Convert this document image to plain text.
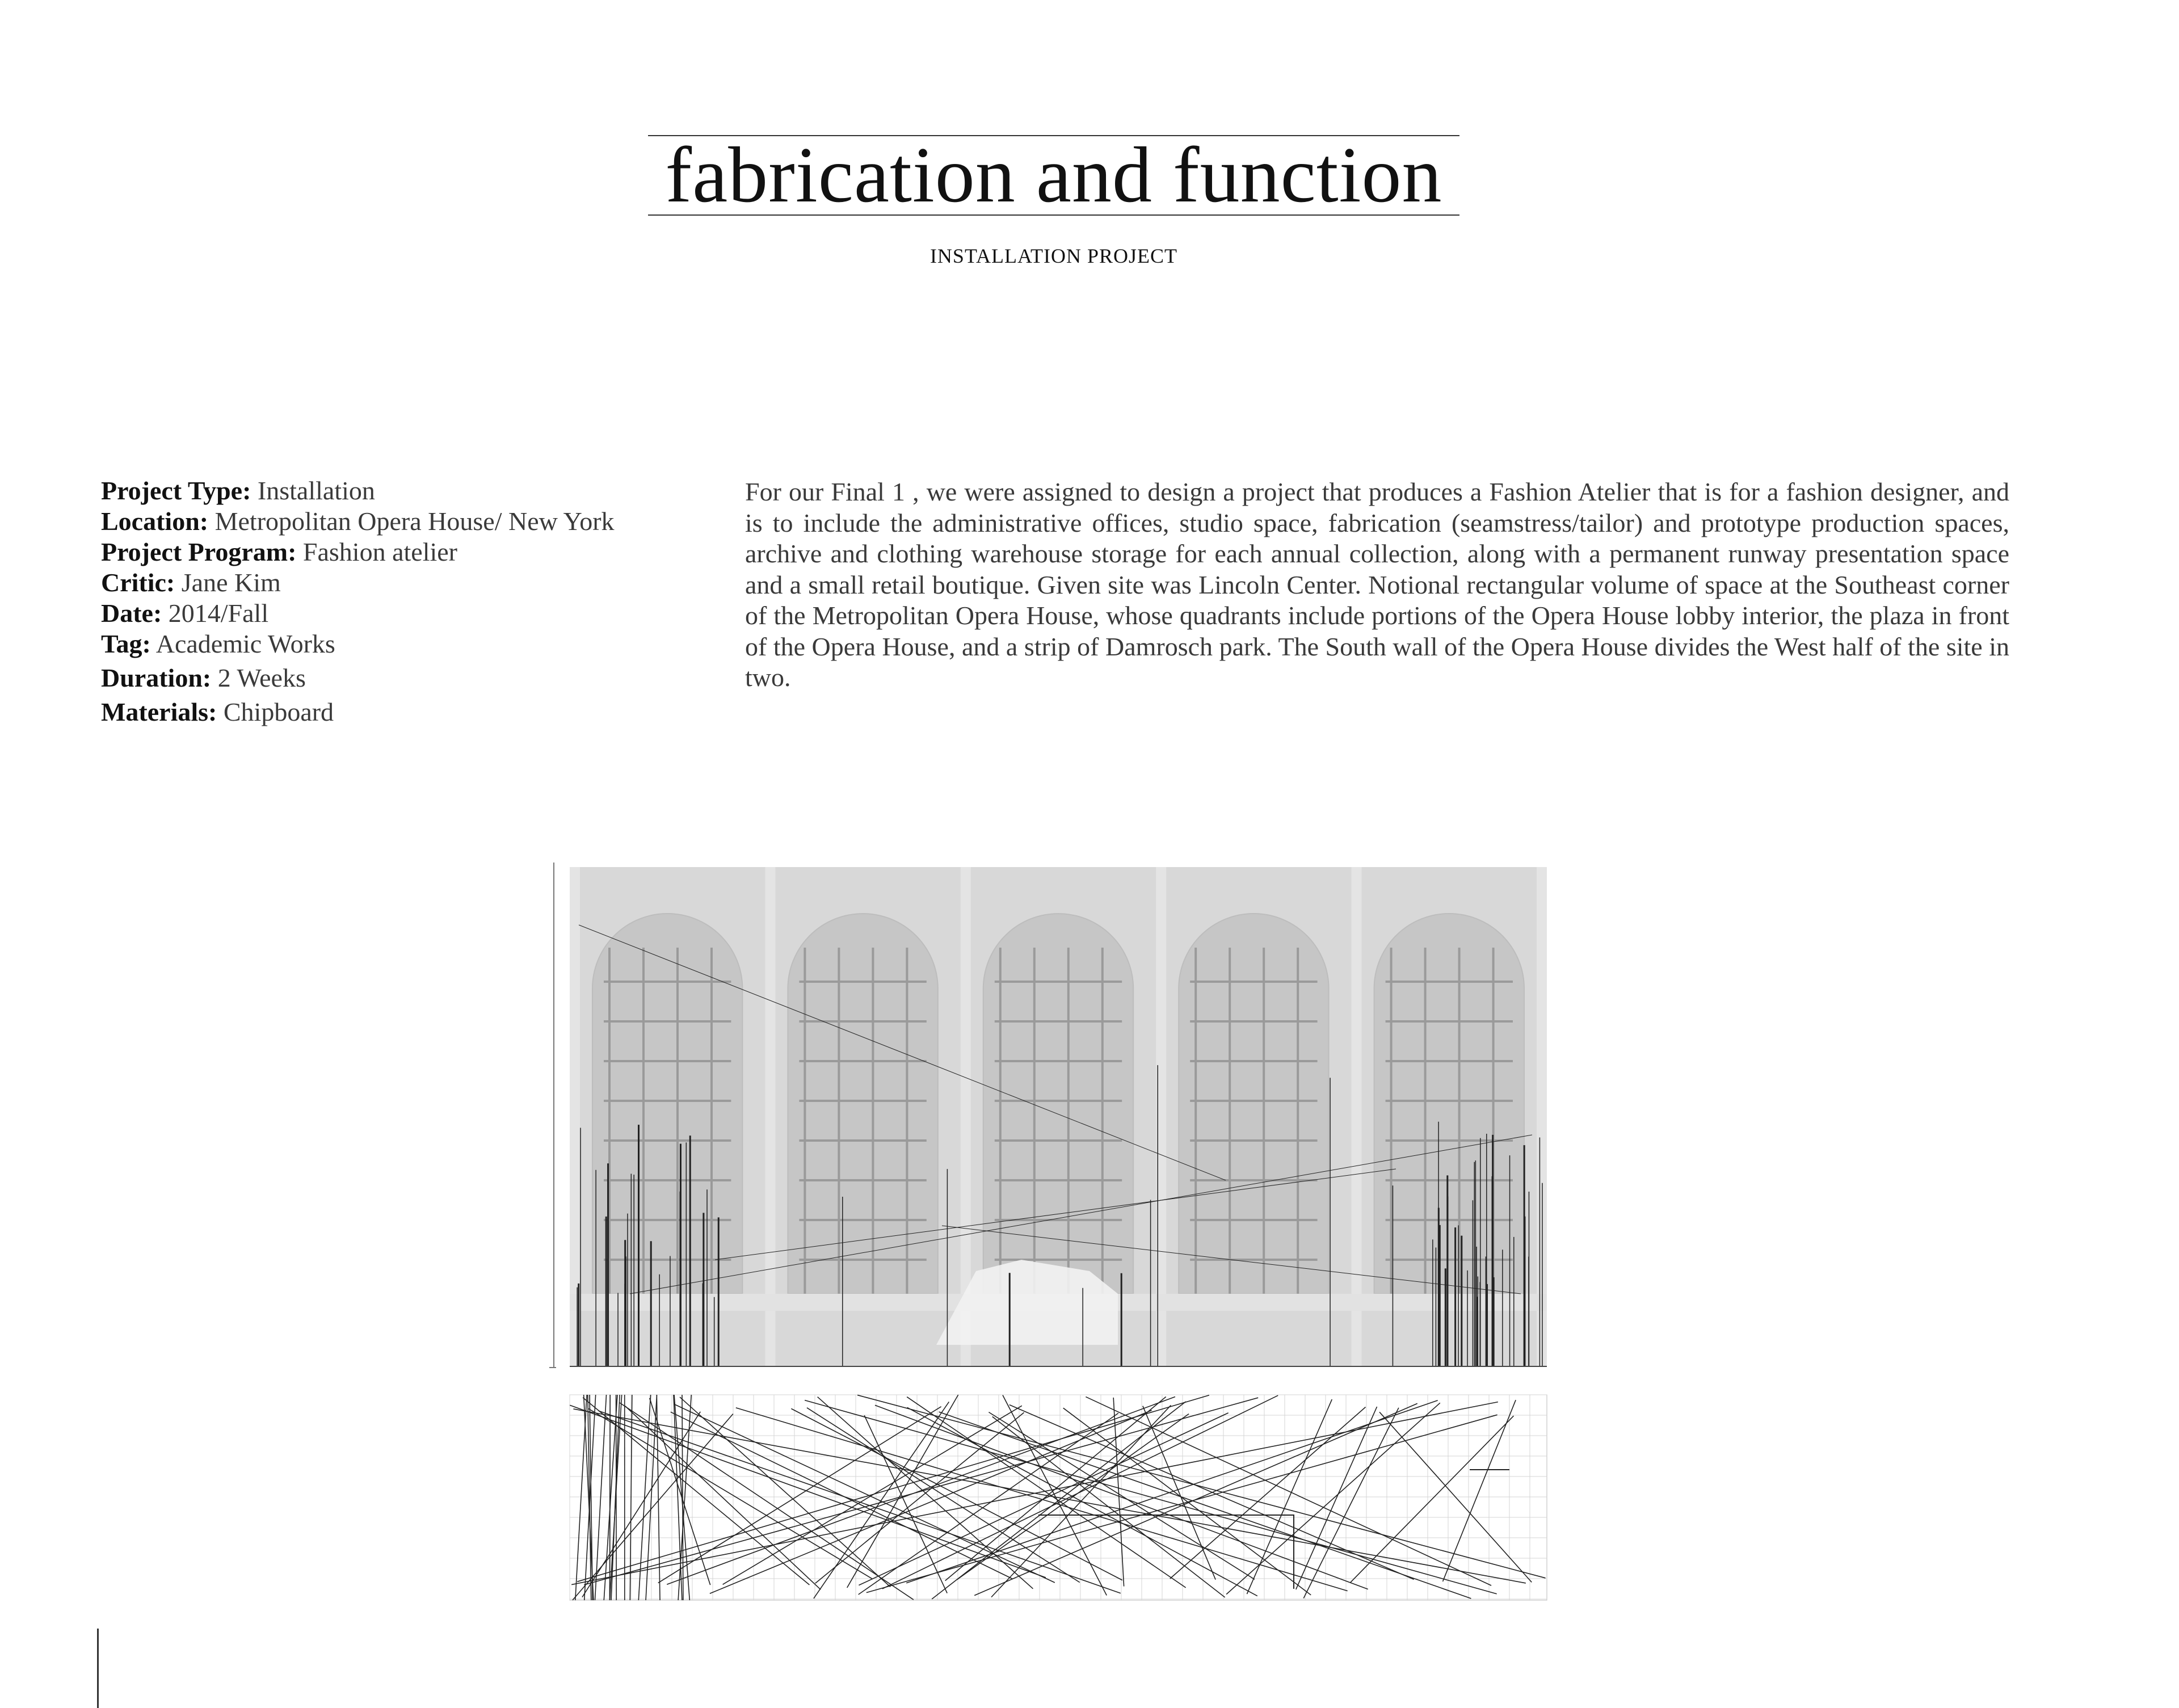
fabrication and function
INSTALLATION PROJECT
Project Type: Installation
Location: Metropolitan Opera House/ New York
Project Program: Fashion atelier
Critic: Jane Kim
Date: 2014/Fall
Tag: Academic Works
Duration: 2 Weeks
Materials: Chipboard
For our Final 1 , we were assigned to design a project that produces a Fashion Atelier that is for a fashion designer, and is to include the administrative offices, studio space, fabrication (seamstress/tailor) and prototype production spaces, archive and clothing warehouse storage for each annual collection, along with a permanent runway presentation space and a small retail boutique. Given site was Lincoln Center. Notional rectangular volume of space at the Southeast corner of the Metropolitan Opera House, whose quadrants include portions of the Opera House lobby interior, the plaza in front of the Opera House, and a strip of Damrosch park. The South wall of the Opera House divides the West half of the site in two.
